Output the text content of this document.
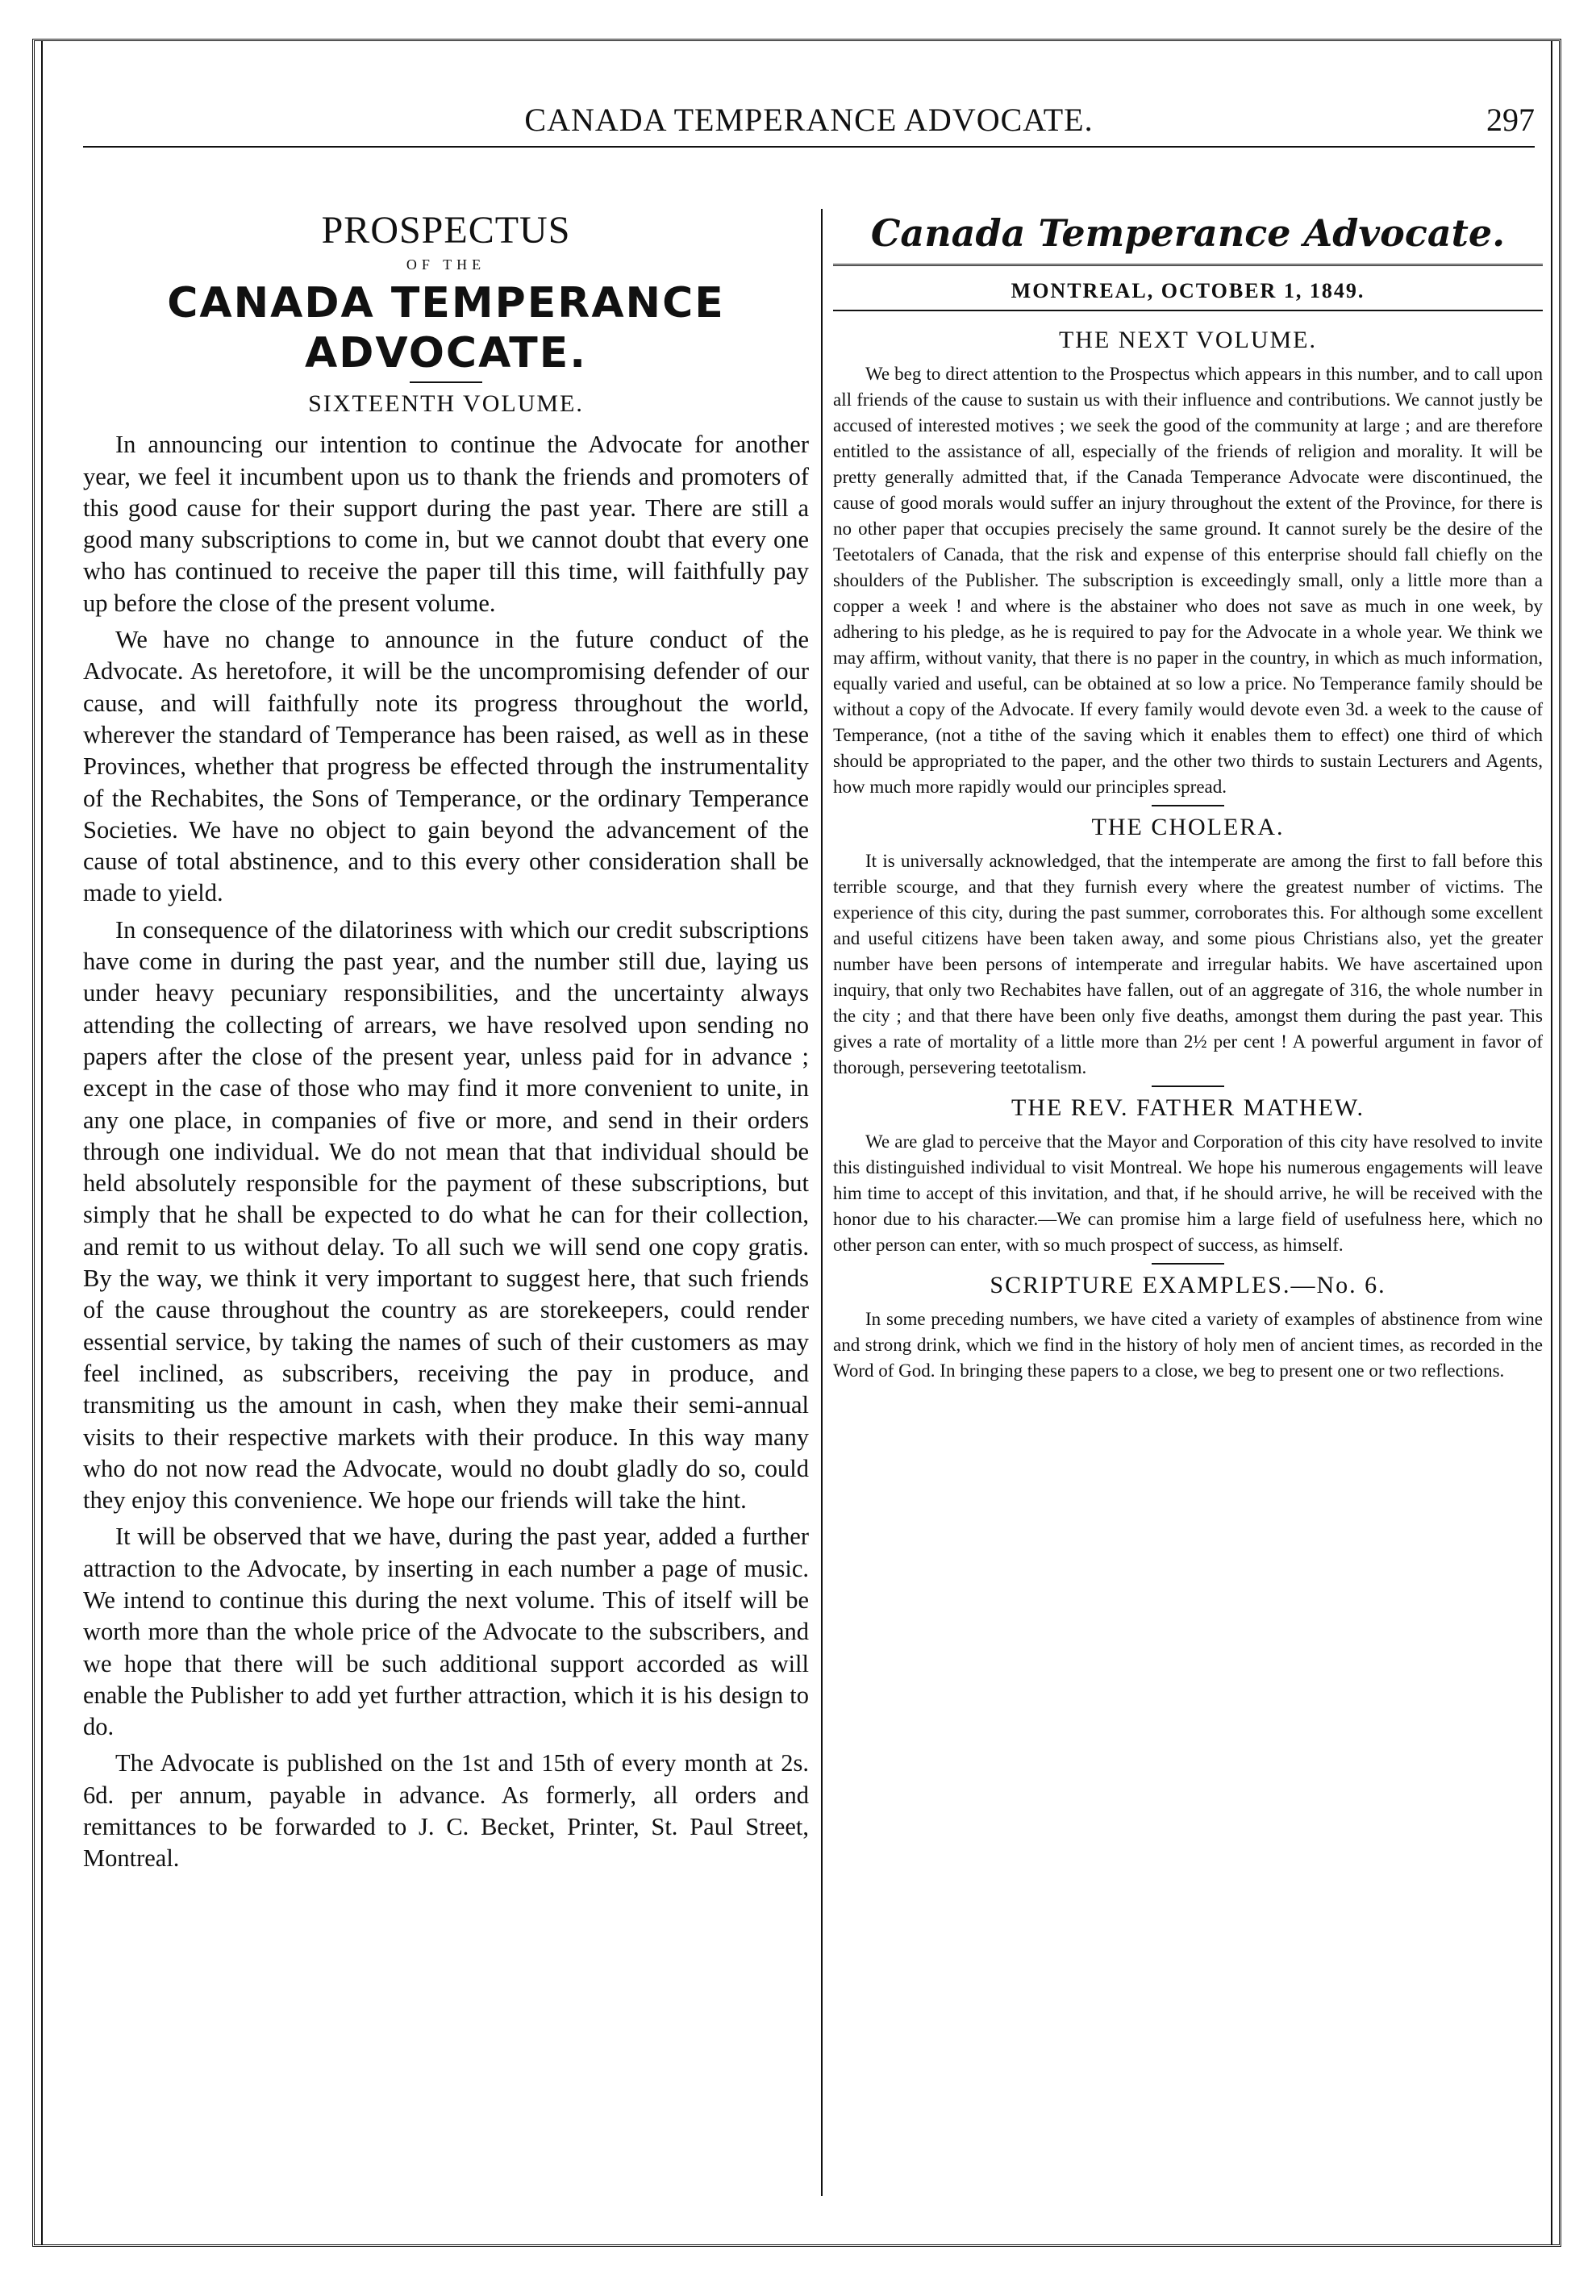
CANADA TEMPERANCE ADVOCATE.	297
PROSPECTUS
OF THE
CANADA TEMPERANCE ADVOCATE.
SIXTEENTH VOLUME.

In announcing our intention to continue the Advocate for another year, we feel it incumbent upon us to thank the friends and promoters of this good cause for their support during the past year. There are still a good many subscriptions to come in, but we cannot doubt that every one who has continued to receive the paper till this time, will faithfully pay up before the close of the present volume.

We have no change to announce in the future conduct of the Advocate. As heretofore, it will be the uncompromising defender of our cause, and will faithfully note its progress throughout the world, wherever the standard of Temperance has been raised, as well as in these Provinces, whether that progress be effected through the instrumentality of the Rechabites, the Sons of Temperance, or the ordinary Temperance Societies. We have no object to gain beyond the advancement of the cause of total abstinence, and to this every other consideration shall be made to yield.

In consequence of the dilatoriness with which our credit subscriptions have come in during the past year, and the number still due, laying us under heavy pecuniary responsibilities, and the uncertainty always attending the collecting of arrears, we have resolved upon sending no papers after the close of the present year, unless paid for in advance ; except in the case of those who may find it more convenient to unite, in any one place, in companies of five or more, and send in their orders through one individual. We do not mean that that individual should be held absolutely responsible for the payment of these subscriptions, but simply that he shall be expected to do what he can for their collection, and remit to us without delay. To all such we will send one copy gratis. By the way, we think it very important to suggest here, that such friends of the cause throughout the country as are storekeepers, could render essential service, by taking the names of such of their customers as may feel inclined, as subscribers, receiving the pay in produce, and transmiting us the amount in cash, when they make their semi-annual visits to their respective markets with their produce. In this way many who do not now read the Advocate, would no doubt gladly do so, could they enjoy this convenience. We hope our friends will take the hint.

It will be observed that we have, during the past year, added a further attraction to the Advocate, by inserting in each number a page of music. We intend to continue this during the next volume. This of itself will be worth more than the whole price of the Advocate to the subscribers, and we hope that there will be such additional support accorded as will enable the Publisher to add yet further attraction, which it is his design to do.

The Advocate is published on the 1st and 15th of every month at 2s. 6d. per annum, payable in advance. As formerly, all orders and remittances to be forwarded to J. C. Becket, Printer, St. Paul Street, Montreal.

Canada Temperance Advocate.
MONTREAL, OCTOBER 1, 1849.
THE NEXT VOLUME.

We beg to direct attention to the Prospectus which appears in this number, and to call upon all friends of the cause to sustain us with their influence and contributions. We cannot justly be accused of interested motives ; we seek the good of the community at large ; and are therefore entitled to the assistance of all, especially of the friends of religion and morality. It will be pretty generally admitted that, if the Canada Temperance Advocate were discontinued, the cause of good morals would suffer an injury throughout the extent of the Province, for there is no other paper that occupies precisely the same ground. It cannot surely be the desire of the Teetotalers of Canada, that the risk and expense of this enterprise should fall chiefly on the shoulders of the Publisher. The subscription is exceedingly small, only a little more than a copper a week ! and where is the abstainer who does not save as much in one week, by adhering to his pledge, as he is required to pay for the Advocate in a whole year. We think we may affirm, without vanity, that there is no paper in the country, in which as much information, equally varied and useful, can be obtained at so low a price. No Temperance family should be without a copy of the Advocate. If every family would devote even 3d. a week to the cause of Temperance, (not a tithe of the saving which it enables them to effect) one third of which should be appropriated to the paper, and the other two thirds to sustain Lecturers and Agents, how much more rapidly would our principles spread.

THE CHOLERA.

It is universally acknowledged, that the intemperate are among the first to fall before this terrible scourge, and that they furnish every where the greatest number of victims. The experience of this city, during the past summer, corroborates this. For although some excellent and useful citizens have been taken away, and some pious Christians also, yet the greater number have been persons of intemperate and irregular habits. We have ascertained upon inquiry, that only two Rechabites have fallen, out of an aggregate of 316, the whole number in the city ; and that there have been only five deaths, amongst them during the past year. This gives a rate of mortality of a little more than 2½ per cent ! A powerful argument in favor of thorough, persevering teetotalism.

THE REV. FATHER MATHEW.

We are glad to perceive that the Mayor and Corporation of this city have resolved to invite this distinguished individual to visit Montreal. We hope his numerous engagements will leave him time to accept of this invitation, and that, if he should arrive, he will be received with the honor due to his character.—We can promise him a large field of usefulness here, which no other person can enter, with so much prospect of success, as himself.

SCRIPTURE EXAMPLES.—No. 6.

In some preceding numbers, we have cited a variety of examples of abstinence from wine and strong drink, which we find in the history of holy men of ancient times, as recorded in the Word of God. In bringing these papers to a close, we beg to present one or two reflections.
